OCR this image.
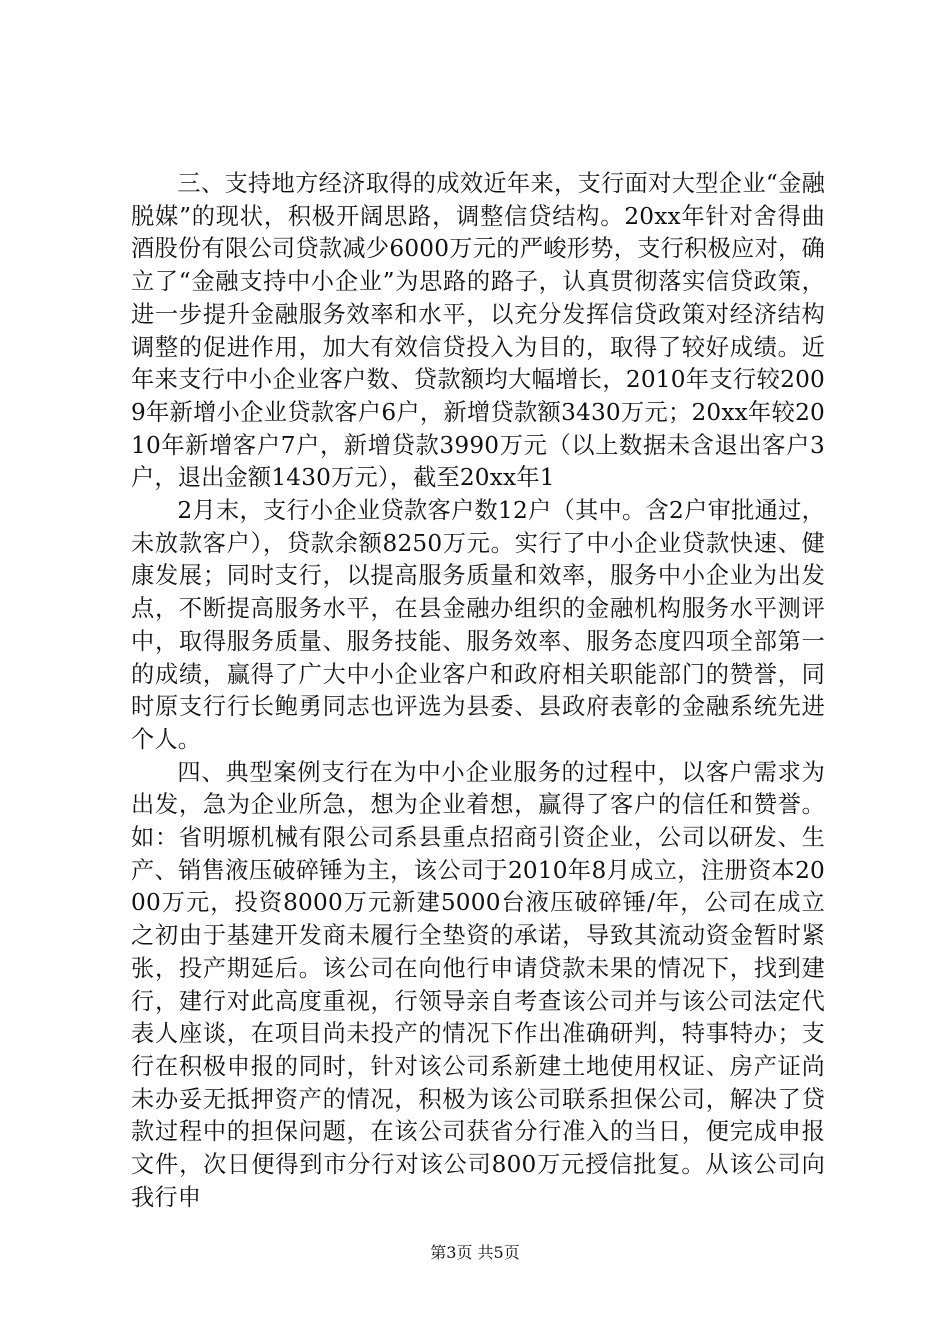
三、支持地方经济取得的成效近年来，支行面对大型企业“金融脱媒”的现状，积极开阔思路，调整信贷结构。20xx年针对舍得曲酒股份有限公司贷款减少6000万元的严峻形势，支行积极应对，确立了“金融支持中小企业”为思路的路子，认真贯彻落实信贷政策，进一步提升金融服务效率和水平，以充分发挥信贷政策对经济结构调整的促进作用，加大有效信贷投入为目的，取得了较好成绩。近年来支行中小企业客户数、贷款额均大幅增长，2010年支行较2009年新增小企业贷款客户6户，新增贷款额3430万元；20xx年较2010年新增客户7户，新增贷款3990万元（以上数据未含退出客户3户，退出金额1430万元），截至20xx年1

2月末，支行小企业贷款客户数12户（其中。含2户审批通过，未放款客户），贷款余额8250万元。实行了中小企业贷款快速、健康发展；同时支行，以提高服务质量和效率，服务中小企业为出发点，不断提高服务水平，在县金融办组织的金融机构服务水平测评中，取得服务质量、服务技能、服务效率、服务态度四项全部第一的成绩，赢得了广大中小企业客户和政府相关职能部门的赞誉，同时原支行行长鲍勇同志也评选为县委、县政府表彰的金融系统先进个人。

四、典型案例支行在为中小企业服务的过程中，以客户需求为出发，急为企业所急，想为企业着想，赢得了客户的信任和赞誉。如：省明塬机械有限公司系县重点招商引资企业，公司以研发、生产、销售液压破碎锤为主，该公司于2010年8月成立，注册资本2000万元，投资8000万元新建5000台液压破碎锤/年，公司在成立之初由于基建开发商未履行全垫资的承诺，导致其流动资金暂时紧张，投产期延后。该公司在向他行申请贷款未果的情况下，找到建行，建行对此高度重视，行领导亲自考查该公司并与该公司法定代表人座谈，在项目尚未投产的情况下作出准确研判，特事特办；支行在积极申报的同时，针对该公司系新建土地使用权证、房产证尚未办妥无抵押资产的情况，积极为该公司联系担保公司，解决了贷款过程中的担保问题，在该公司获省分行准入的当日，便完成申报文件，次日便得到市分行对该公司800万元授信批复。从该公司向我行申

第3页 共5页
